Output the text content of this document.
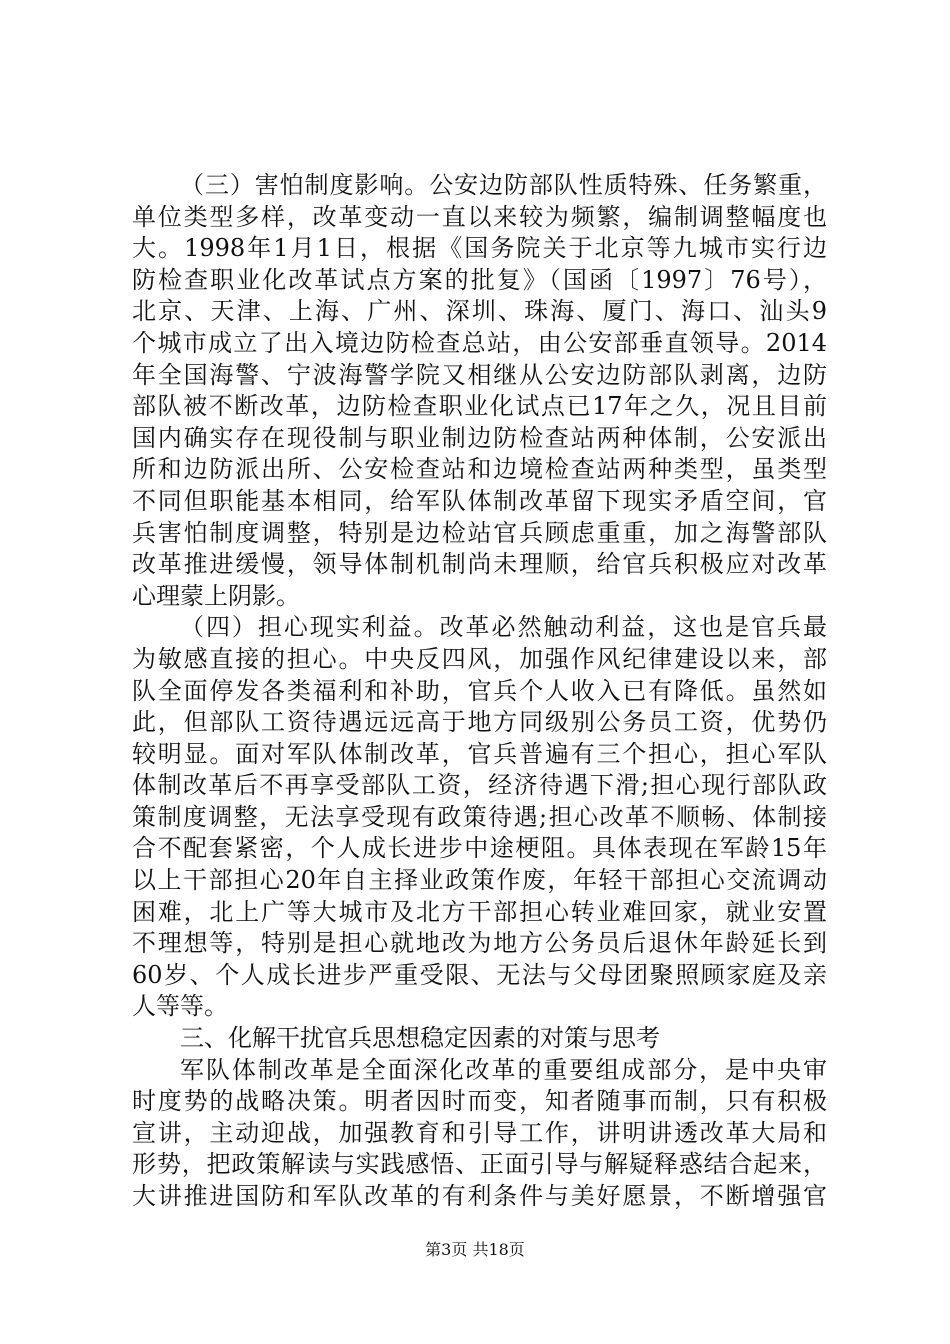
（三）害怕制度影响。公安边防部队性质特殊、任务繁重，
单位类型多样，改革变动一直以来较为频繁，编制调整幅度也
大。1998年1月1日，根据《国务院关于北京等九城市实行边
防检查职业化改革试点方案的批复》（国函〔1997〕76号），
北京、天津、上海、广州、深圳、珠海、厦门、海口、汕头9
个城市成立了出入境边防检查总站，由公安部垂直领导。2014
年全国海警、宁波海警学院又相继从公安边防部队剥离，边防
部队被不断改革，边防检查职业化试点已17年之久，况且目前
国内确实存在现役制与职业制边防检查站两种体制，公安派出
所和边防派出所、公安检查站和边境检查站两种类型，虽类型
不同但职能基本相同，给军队体制改革留下现实矛盾空间，官
兵害怕制度调整，特别是边检站官兵顾虑重重，加之海警部队
改革推进缓慢，领导体制机制尚未理顺，给官兵积极应对改革
心理蒙上阴影。
（四）担心现实利益。改革必然触动利益，这也是官兵最
为敏感直接的担心。中央反四风，加强作风纪律建设以来，部
队全面停发各类福利和补助，官兵个人收入已有降低。虽然如
此，但部队工资待遇远远高于地方同级别公务员工资，优势仍
较明显。面对军队体制改革，官兵普遍有三个担心，担心军队
体制改革后不再享受部队工资，经济待遇下滑;担心现行部队政
策制度调整，无法享受现有政策待遇;担心改革不顺畅、体制接
合不配套紧密，个人成长进步中途梗阻。具体表现在军龄15年
以上干部担心20年自主择业政策作废，年轻干部担心交流调动
困难，北上广等大城市及北方干部担心转业难回家，就业安置
不理想等，特别是担心就地改为地方公务员后退休年龄延长到
60岁、个人成长进步严重受限、无法与父母团聚照顾家庭及亲
人等等。
三、化解干扰官兵思想稳定因素的对策与思考
军队体制改革是全面深化改革的重要组成部分，是中央审
时度势的战略决策。明者因时而变，知者随事而制，只有积极
宣讲，主动迎战，加强教育和引导工作，讲明讲透改革大局和
形势，把政策解读与实践感悟、正面引导与解疑释惑结合起来，
大讲推进国防和军队改革的有利条件与美好愿景，不断增强官
第3页 共18页
